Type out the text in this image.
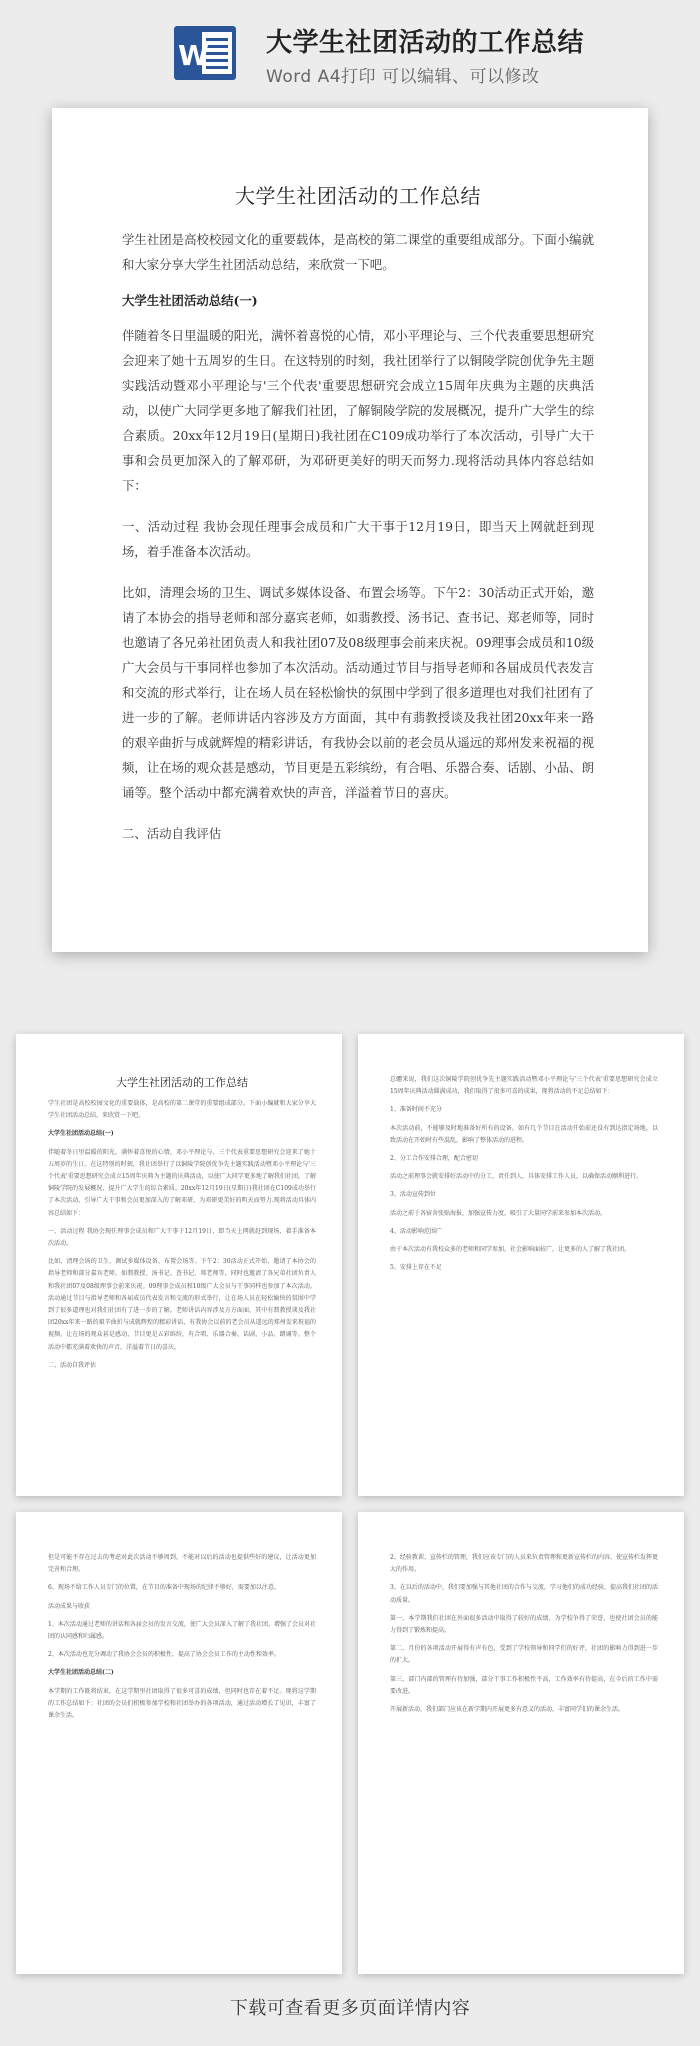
W 大学生社团活动的工作总结
Word A4打印 可以编辑、可以修改
大学生社团活动的工作总结

学生社团是高校校园文化的重要载体，是高校的第二课堂的重要组成部分。下面小编就和大家分享大学生社团活动总结，来欣赏一下吧。

大学生社团活动总结(一)

伴随着冬日里温暖的阳光，满怀着喜悦的心情，邓小平理论与、三个代表重要思想研究会迎来了她十五周岁的生日。在这特别的时刻，我社团举行了以铜陵学院创优争先主题实践活动暨邓小平理论与'三个代表'重要思想研究会成立15周年庆典为主题的庆典活动，以使广大同学更多地了解我们社团，了解铜陵学院的发展概况，提升广大学生的综合素质。20xx年12月19日(星期日)我社团在C109成功举行了本次活动，引导广大干事和会员更加深入的了解邓研，为邓研更美好的明天而努力.现将活动具体内容总结如下：

一、活动过程 我协会现任理事会成员和广大干事于12月19日，即当天上网就赶到现场，着手准备本次活动。

比如，清理会场的卫生、调试多媒体设备、布置会场等。下午2：30活动正式开始，邀请了本协会的指导老师和部分嘉宾老师，如翡教授、汤书记、查书记、郑老师等，同时也邀请了各兄弟社团负责人和我社团07及08级理事会前来庆祝。09理事会成员和10级广大会员与干事同样也参加了本次活动。活动通过节目与指导老师和各届成员代表发言和交流的形式举行，让在场人员在轻松愉快的氛围中学到了很多道理也对我们社团有了进一步的了解。老师讲话内容涉及方方面面，其中有翡教授谈及我社团20xx年来一路的艰辛曲折与成就辉煌的精彩讲话，有我协会以前的老会员从遥远的郑州发来祝福的视频，让在场的观众甚是感动，节目更是五彩缤纷，有合唱、乐器合奏、话剧、小品、朗诵等。整个活动中都充满着欢快的声音，洋溢着节日的喜庆。

二、活动自我评估

大学生社团活动的工作总结

学生社团是高校校园文化的重要载体，是高校的第二课堂的重要组成部分。下面小编就和大家分享大学生社团活动总结，来欣赏一下吧。

大学生社团活动总结(一)

伴随着冬日里温暖的阳光，满怀着喜悦的心情，邓小平理论与、三个代表重要思想研究会迎来了她十五周岁的生日。在这特别的时刻，我社团举行了以铜陵学院创优争先主题实践活动暨邓小平理论与'三个代表'重要思想研究会成立15周年庆典为主题的庆典活动，以使广大同学更多地了解我们社团，了解铜陵学院的发展概况，提升广大学生的综合素质。20xx年12月19日(星期日)我社团在C109成功举行了本次活动，引导广大干事和会员更加深入的了解邓研，为邓研更美好的明天而努力.现将活动具体内容总结如下：

一、活动过程 我协会现任理事会成员和广大干事于12月19日，即当天上网就赶到现场，着手准备本次活动。

比如，清理会场的卫生、调试多媒体设备、布置会场等。下午2：30活动正式开始，邀请了本协会的指导老师和部分嘉宾老师，如翡教授、汤书记、查书记、郑老师等，同时也邀请了各兄弟社团负责人和我社团07及08级理事会前来庆祝。09理事会成员和10级广大会员与干事同样也参加了本次活动。活动通过节目与指导老师和各届成员代表发言和交流的形式举行，让在场人员在轻松愉快的氛围中学到了很多道理也对我们社团有了进一步的了解。老师讲话内容涉及方方面面，其中有翡教授谈及我社团20xx年来一路的艰辛曲折与成就辉煌的精彩讲话，有我协会以前的老会员从遥远的郑州发来祝福的视频，让在场的观众甚是感动，节目更是五彩缤纷，有合唱、乐器合奏、话剧、小品、朗诵等。整个活动中都充满着欢快的声音，洋溢着节日的喜庆。

二、活动自我评估

总體来说，我们这次铜陵学院创优争先主题实践活动暨邓小平理论与'三个代表'重要思想研究会成立15周年庆典活动圆满成功，我们取得了很多可喜的成果，现将活动的不足总结如下：

1、准备时间不充分

本次活动前，不能够及时地准备好所有的设备。如有几个节目在活动开始前还没有到达指定场地，以致活动在开始时有些混乱，影响了整体活动的进程。

2、分工合作安排合理，配合密切

活动之前理事会就安排好活动中的分工，责任到人，具体安排工作人员，以确保活动顺利进行。

3、活动宣传到位

活动之前于各宿舍张贴海报，加强宣传力度，吸引了大量同学前来参加本次活动。

4、活动影响范围广

由于本次活动有我校众多的老师和同学参加，社会影响面较广，让更多的人了解了我社团。

5、安排上存在不足

但是可能不存在过去的考虑对此次活动不够周到，不能对以后的活动也提供些好的建议，让活动更加完善和合理。

6、现场不给工作人员专门的位置，在节目的准备中现场的纪律不够好，需要加以注意。

活动成果与收获

1、本次活动通过老师的讲话和各届会员的发言交流，使广大会员深入了解了我社团，增强了会员对社团的认同感和归属感。

2、本次活动也充分调动了我协会会员的积极性，提高了协会会员工作的主动性和效率。

大学生社团活动总结(二)

本学期的工作既将结束，在这学期里社团取得了很多可喜的成绩，但同时也存在着不足。现将这学期的工作总结如下：社团的会员们积极参加学校和社团举办的各项活动，通过活动增长了见识，丰富了课余生活。

2、经验教训、宣传栏的管理，我们应该专门的人员来负责管理和更新宣传栏的内容，使宣传栏发挥更大的作用。

3、在以后的活动中，我们要加强与其他社团的合作与交流，学习他们的成功经验，提高我们社团的活动质量。

第一、本学期我们社团在外面很多活动中取得了较好的成绩，为学校争得了荣誉，也使社团会员的能力得到了锻炼和提高。

第二、月份的各项活动开展得有声有色，受到了学校领导和同学们的好评，社团的影响力得到进一步的扩大。

第三、部门内部的管理有待加强，部分干事工作积极性不高，工作效率有待提高，在今后的工作中需要改进。

开展新活动，我们部门应该在新学期内开展更多有意义的活动，丰富同学们的课余生活。

下载可查看更多页面详情内容
